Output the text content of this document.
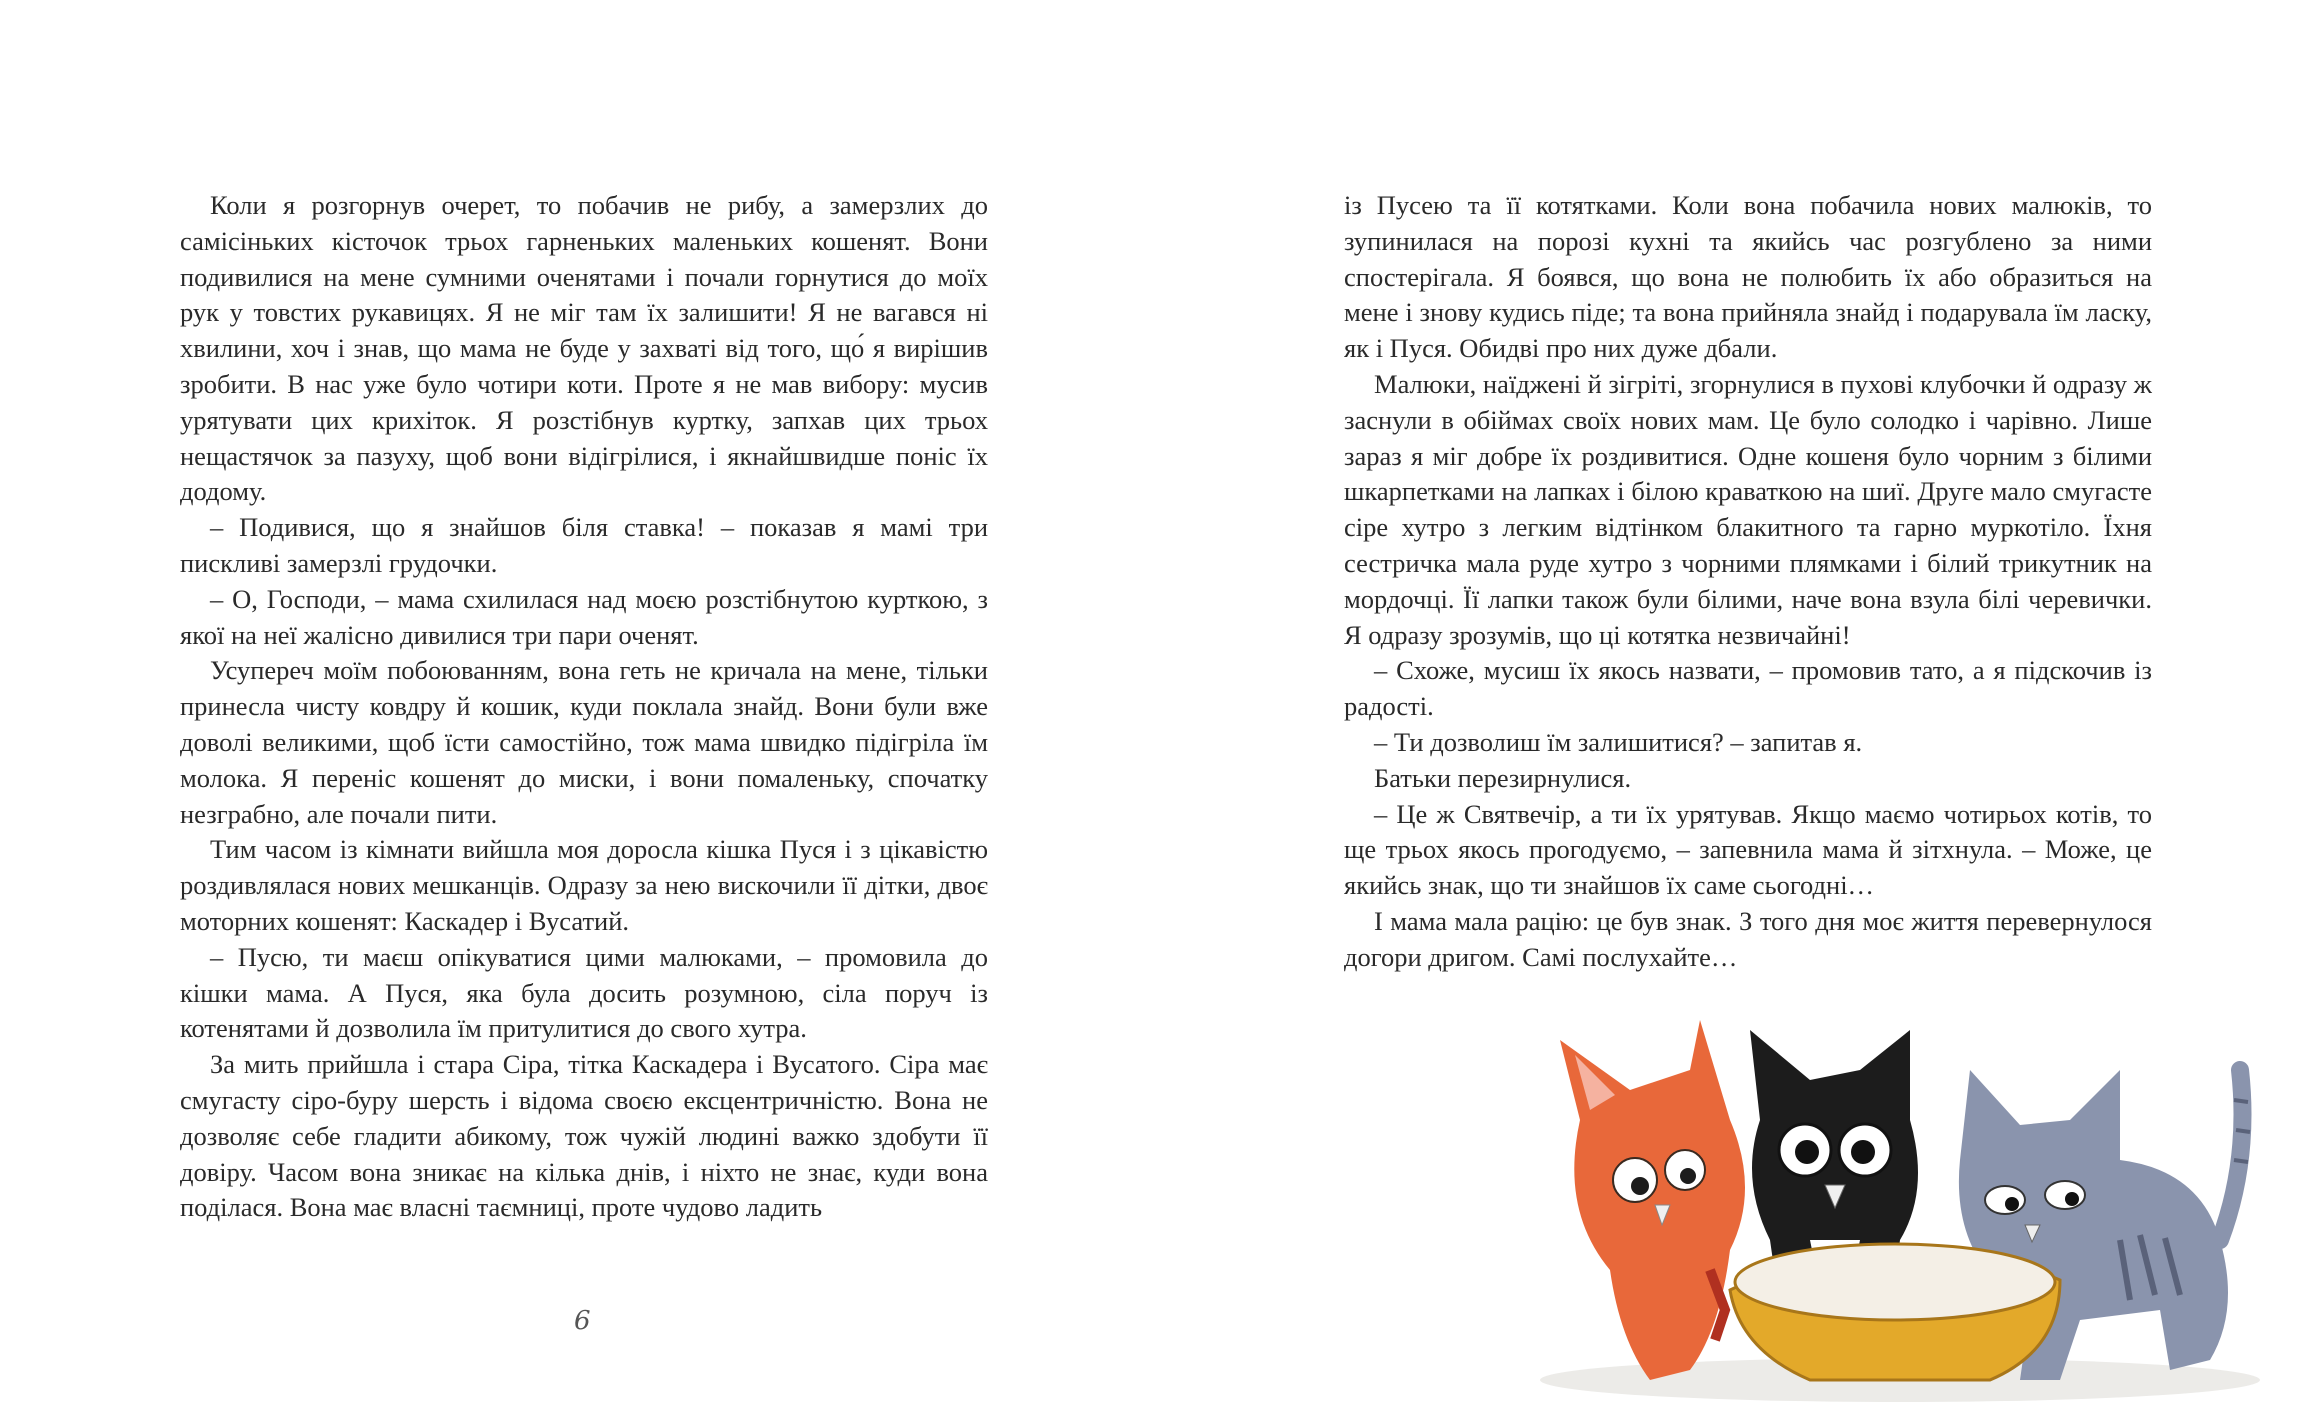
Коли я розгорнув очерет, то побачив не рибу, а замерзлих до самісіньких кісточок трьох гарненьких маленьких кошенят. Вони подивилися на мене сумними оченятами і почали горнутися до моїх рук у товстих рукавицях. Я не міг там їх залишити! Я не вагався ні хвилини, хоч і знав, що мама не буде у захваті від того, що́ я вирішив зробити. В нас уже було чотири коти. Проте я не мав вибору: мусив урятувати цих крихіток. Я розстібнув куртку, запхав цих трьох нещастячок за пазуху, щоб вони відігрілися, і якнайшвидше поніс їх додому.

– Подивися, що я знайшов біля ставка! – показав я мамі три пискливі замерзлі грудочки.

– О, Господи, – мама схилилася над моєю розстібнутою курткою, з якої на неї жалісно дивилися три пари оченят.

Усупереч моїм побоюванням, вона геть не кричала на мене, тільки принесла чисту ковдру й кошик, куди поклала знайд. Вони були вже доволі великими, щоб їсти самостійно, тож мама швидко підігріла їм молока. Я переніс кошенят до миски, і вони помаленьку, спочатку незграбно, але почали пити.

Тим часом із кімнати вийшла моя доросла кішка Пуся і з цікавістю роздивлялася нових мешканців. Одразу за нею вискочили її дітки, двоє моторних кошенят: Каскадер і Вусатий.

– Пусю, ти маєш опікуватися цими малюками, – промовила до кішки мама. А Пуся, яка була досить розумною, сіла поруч із котенятами й дозволила їм притулитися до свого хутра.

За мить прийшла і стара Сіра, тітка Каскадера і Вусатого. Сіра має смугасту сіро-буру шерсть і відома своєю ексцентричністю. Вона не дозволяє себе гладити абикому, тож чужій людині важко здобути її довіру. Часом вона зникає на кілька днів, і ніхто не знає, куди вона поділася. Вона має власні таємниці, проте чудово ладить

6

із Пусею та її котятками. Коли вона побачила нових малюків, то зупинилася на порозі кухні та якийсь час розгублено за ними спостерігала. Я боявся, що вона не полюбить їх або образиться на мене і знову кудись піде; та вона прийняла знайд і подарувала їм ласку, як і Пуся. Обидві про них дуже дбали.

Малюки, наїджені й зігріті, згорнулися в пухові клубочки й одразу ж заснули в обіймах своїх нових мам. Це було солодко і чарівно. Лише зараз я міг добре їх роздивитися. Одне кошеня було чорним з білими шкарпетками на лапках і білою краваткою на шиї. Друге мало смугасте сіре хутро з легким відтінком блакитного та гарно муркотіло. Їхня сестричка мала руде хутро з чорними плямками і білий трикутник на мордочці. Її лапки також були білими, наче вона взула білі черевички. Я одразу зрозумів, що ці котятка незвичайні!

– Схоже, мусиш їх якось назвати, – промовив тато, а я підскочив із радості.

– Ти дозволиш їм залишитися? – запитав я.

Батьки перезирнулися.

– Це ж Святвечір, а ти їх урятував. Якщо маємо чотирьох котів, то ще трьох якось прогодуємо, – запевнила мама й зітхнула. – Може, це якийсь знак, що ти знайшов їх саме сьогодні…

І мама мала рацію: це був знак. З того дня моє життя перевернулося догори дригом. Самі послухайте…
